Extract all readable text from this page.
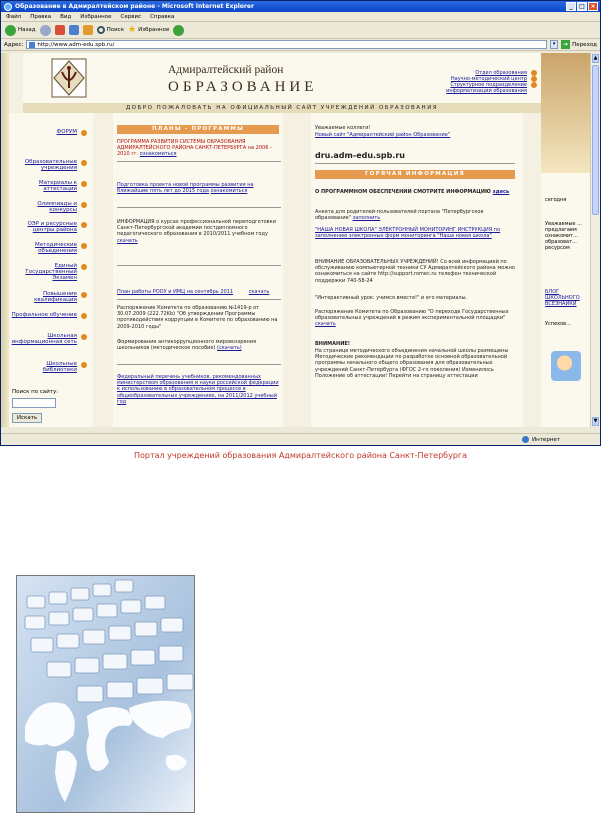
Образование в Адмиралтейском районе - Microsoft Internet Explorer	_	□ ×
Файл Правка Вид Избранное Сервис Справка
Назад	Поиск ★ Избранное
Адрес:	http://www.adm-edu.spb.ru/	▾	➔ Переход
Адмиралтейский район
ОБРАЗОВАНИЕ
Отдел образования
Научно-методический центр
Структурное подразделение информатизации образования
ДОБРО ПОЖАЛОВАТЬ НА ОФИЦИАЛЬНЫЙ САЙТ УЧРЕЖДЕНИЙ ОБРАЗОВАНИЯ
ФОРУМ
Образовательные учреждения
Материалы к аттестации
Олимпиады и конкурсы
ОЭР и ресурсные центры района
Методические объединения
Единый Государственный Экзамен
Повышение квалификации
Профильное обучение
Школьная информационная сеть
Школьные библиотеки
Поиск по сайту:
Искать
ПЛАНЫ - ПРОГРАММЫ
ПРОГРАММА РАЗВИТИЯ СИСТЕМЫ ОБРАЗОВАНИЯ АДМИРАЛТЕЙСКОГО РАЙОНА САНКТ-ПЕТЕРБУРГА на 2006 - 2010 гг. ознакомиться
Подготовка проекта новой программы развития на ближайшие пять лет до 2015 года ознакомиться
ИНФОРМАЦИЯ о курсах профессиональной переподготовки Санкт-Петербургской академии постдипломного педагогического образования в 2010/2011 учебном году скачать
План работы РООУ и ИМЦ на сентябрь 2011	скачать
Распоряжение Комитета по образованию №1419-р от 30.07.2009 (222.72Kb) "Об утверждении Программы противодействия коррупции в Комитете по образованию на 2009-2010 годы"
Формирование антикоррупционного мировоззрения школьников (методическое пособие) (скачать)
Федеральный перечень учебников, рекомендованных министерством образования и науки российской федерации к использованию в образовательном процессе в общеобразовательных учреждениях, на 2011/2012 учебный год
Уважаемые коллеги!
Новый сайт "Адмиралтейский район Образование"
dru.adm-edu.spb.ru
ГОРЯЧАЯ ИНФОРМАЦИЯ
О ПРОГРАММНОМ ОБЕСПЕЧЕНИИ СМОТРИТЕ ИНФОРМАЦИЮ здесь
Анкета для родителей-пользователей портала "Петербургское образование" заполнить
"НАША НОВАЯ ШКОЛА" ЭЛЕКТРОННЫЙ МОНИТОРИНГ ИНСТРУКЦИЯ по заполнению электронных форм мониторинга "Наша новая школа"
ВНИМАНИЕ ОБРАЗОВАТЕЛЬНЫХ УЧРЕЖДЕНИЙ! Со всей информацией по обслуживанию компьютерной техники СУ Адмиралтейского района можно ознакомиться на сайте http://support.romec.ru телефон технической поддержки 740-58-24
"Интерактивный урок: учимся вместе!" и его материалы.
Распоряжение Комитета по Образованию "О переходе Государственных образовательных учреждений в режим экспериментальной площадки" скачать
ВНИМАНИЕ!
На странице методического объединения начальной школы размещены Методические рекомендации по разработке основной образовательной программы начального общего образования для образовательных учреждений Санкт-Петербурга (ФГОС 2-го поколения) Изменилось Положение об аттестации! Перейти на страницу аттестации
сегодня
Уважаемые ... предлагаем ознакомит... образоват... ресурсом
БЛОГ ШКОЛЬНОГО ВСЕЗНАЙКИ
Успехов...
▲
▼
Интернет
Портал учреждений образования Адмиралтейского района Санкт-Петербурга
